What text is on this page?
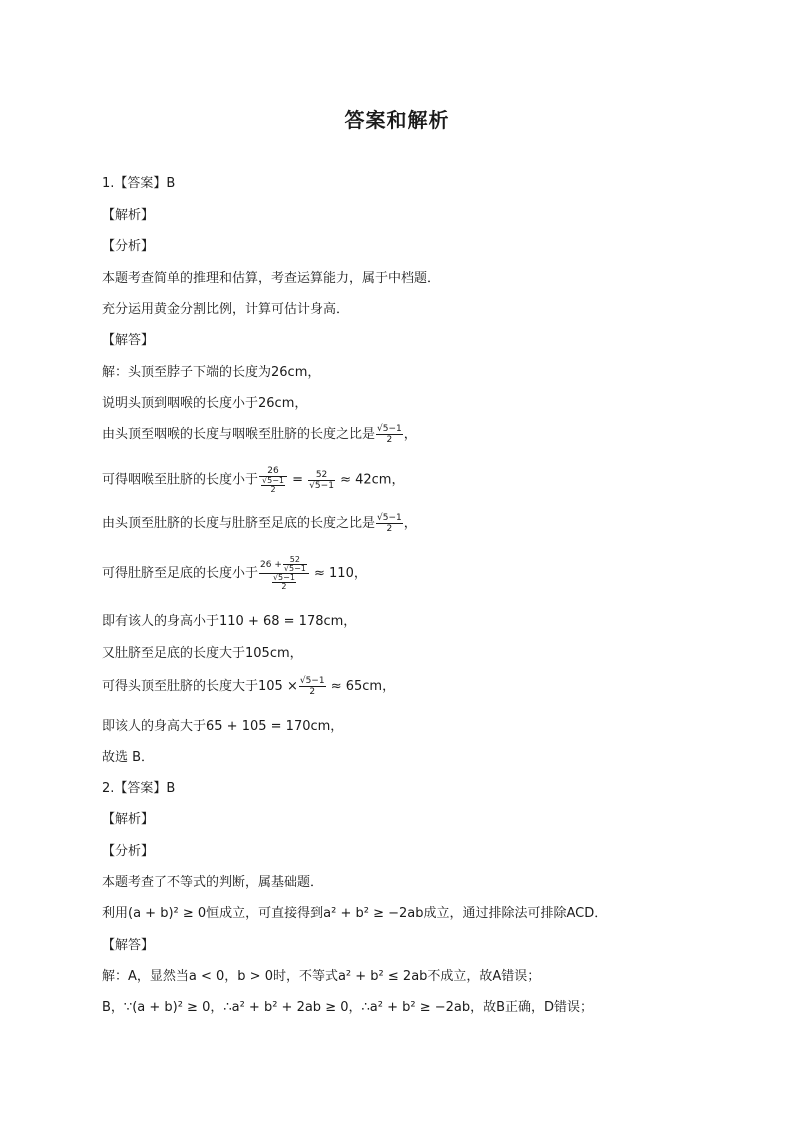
答案和解析
1.【答案】B
【解析】
【分析】
本题考查简单的推理和估算，考查运算能力，属于中档题．
充分运用黄金分割比例，计算可估计身高．
【解答】
解：头顶至脖子下端的长度为26cm，
说明头顶到咽喉的长度小于26cm，
由头顶至咽喉的长度与咽喉至肚脐的长度之比是 $\frac{√5-1}{2}$ ，
可得咽喉至肚脐的长度小于 $\frac{26}{\frac{√5-1}{2}} = \frac{52}{√5-1} \approx 42cm$，
由头顶至肚脐的长度与肚脐至足底的长度之比是 $\frac{√5-1}{2}$ ，
可得肚脐至足底的长度小于 $\frac{26 + \frac{52}{√5-1}}{\frac{√5-1}{2}} \approx 110$，
即有该人的身高小于110 + 68 = 178cm，
又肚脐至足底的长度大于105cm，
可得头顶至肚脐的长度大于$105 \times \frac{√5-1}{2} \approx 65cm$，
即该人的身高大于65 + 105 = 170cm，
故选 B．
2.【答案】B
【解析】
【分析】
本题考查了不等式的判断，属基础题．
利用(a + b)² ≥ 0恒成立，可直接得到a² + b² ≥ −2ab成立，通过排除法可排除ACD．
【解答】
解：A，显然当a < 0，b > 0时，不等式a² + b² ≤ 2ab不成立，故A错误；
B，∵(a + b)² ≥ 0，∴a² + b² + 2ab ≥ 0，∴a² + b² ≥ −2ab，故B正确，D错误；
